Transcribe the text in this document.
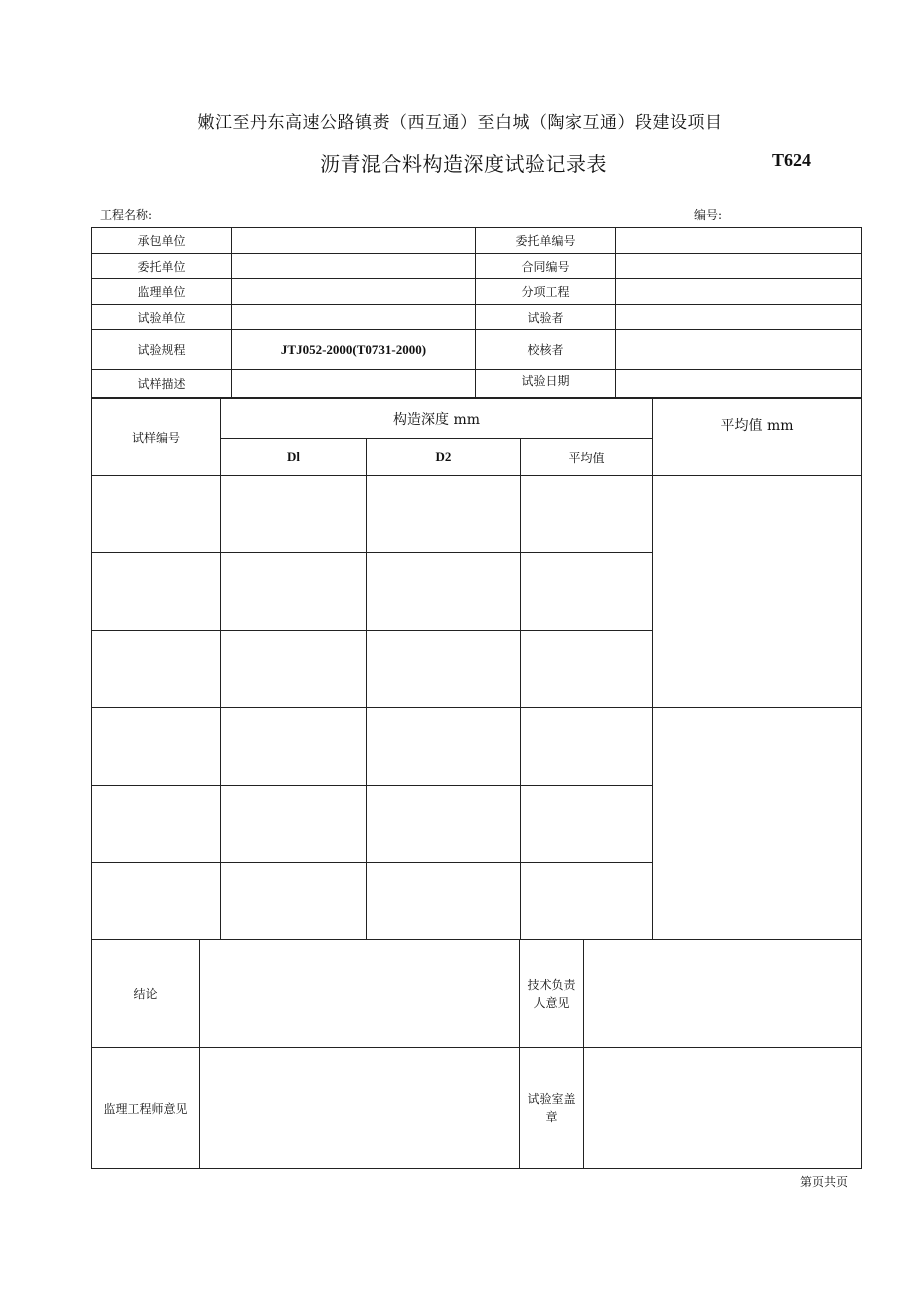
嫩江至丹东高速公路镇赉（西互通）至白城（陶家互通）段建设项目
沥青混合料构造深度试验记录表	T624
工程名称:	编号:
承包单位		委托单编号	
委托单位		合同编号	
监理单位		分项工程	
试验单位		试验者	
试验规程	JTJ052-2000(T0731-2000)	校核者	
试样描述		试验日期	
试样编号	构造深度 mm			平均值 mm
	Dl	D2	平均值	

结论		技术负责人意见	
监理工程师意见		试验室盖章	
第页共页
